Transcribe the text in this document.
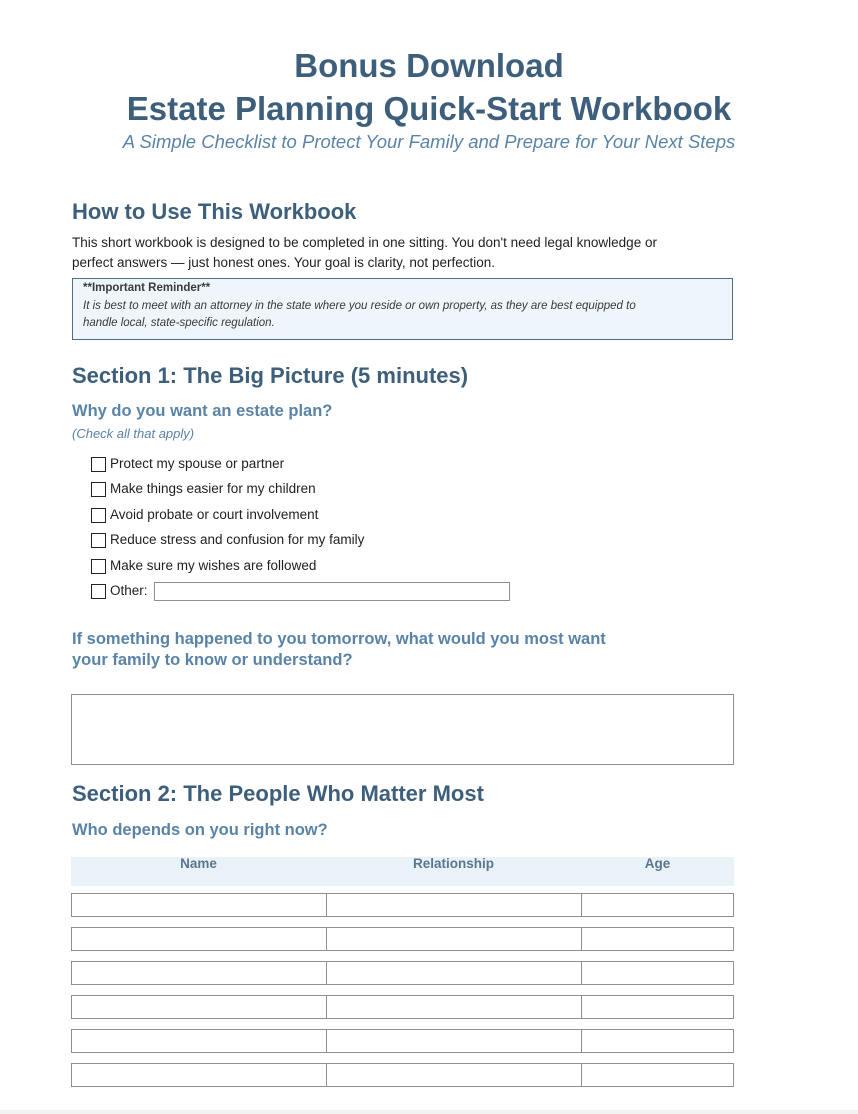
Bonus Download
Estate Planning Quick-Start Workbook

A Simple Checklist to Protect Your Family and Prepare for Your Next Steps

How to Use This Workbook

This short workbook is designed to be completed in one sitting. You don't need legal knowledge or

perfect answers — just honest ones. Your goal is clarity, not perfection.

**Important Reminder**

It is best to meet with an attorney in the state where you reside or own property, as they are best equipped to handle local, state-specific regulation.

Section 1: The Big Picture (5 minutes)
Why do you want an estate plan?

(Check all that apply)

Protect my spouse or partner
Make things easier for my children
Avoid probate or court involvement
Reduce stress and confusion for my family
Make sure my wishes are followed
Other:
If something happened to you tomorrow, what would you most want
your family to know or understand?
Section 2: The People Who Matter Most
Who depends on you right now?
Name	Relationship	Age
